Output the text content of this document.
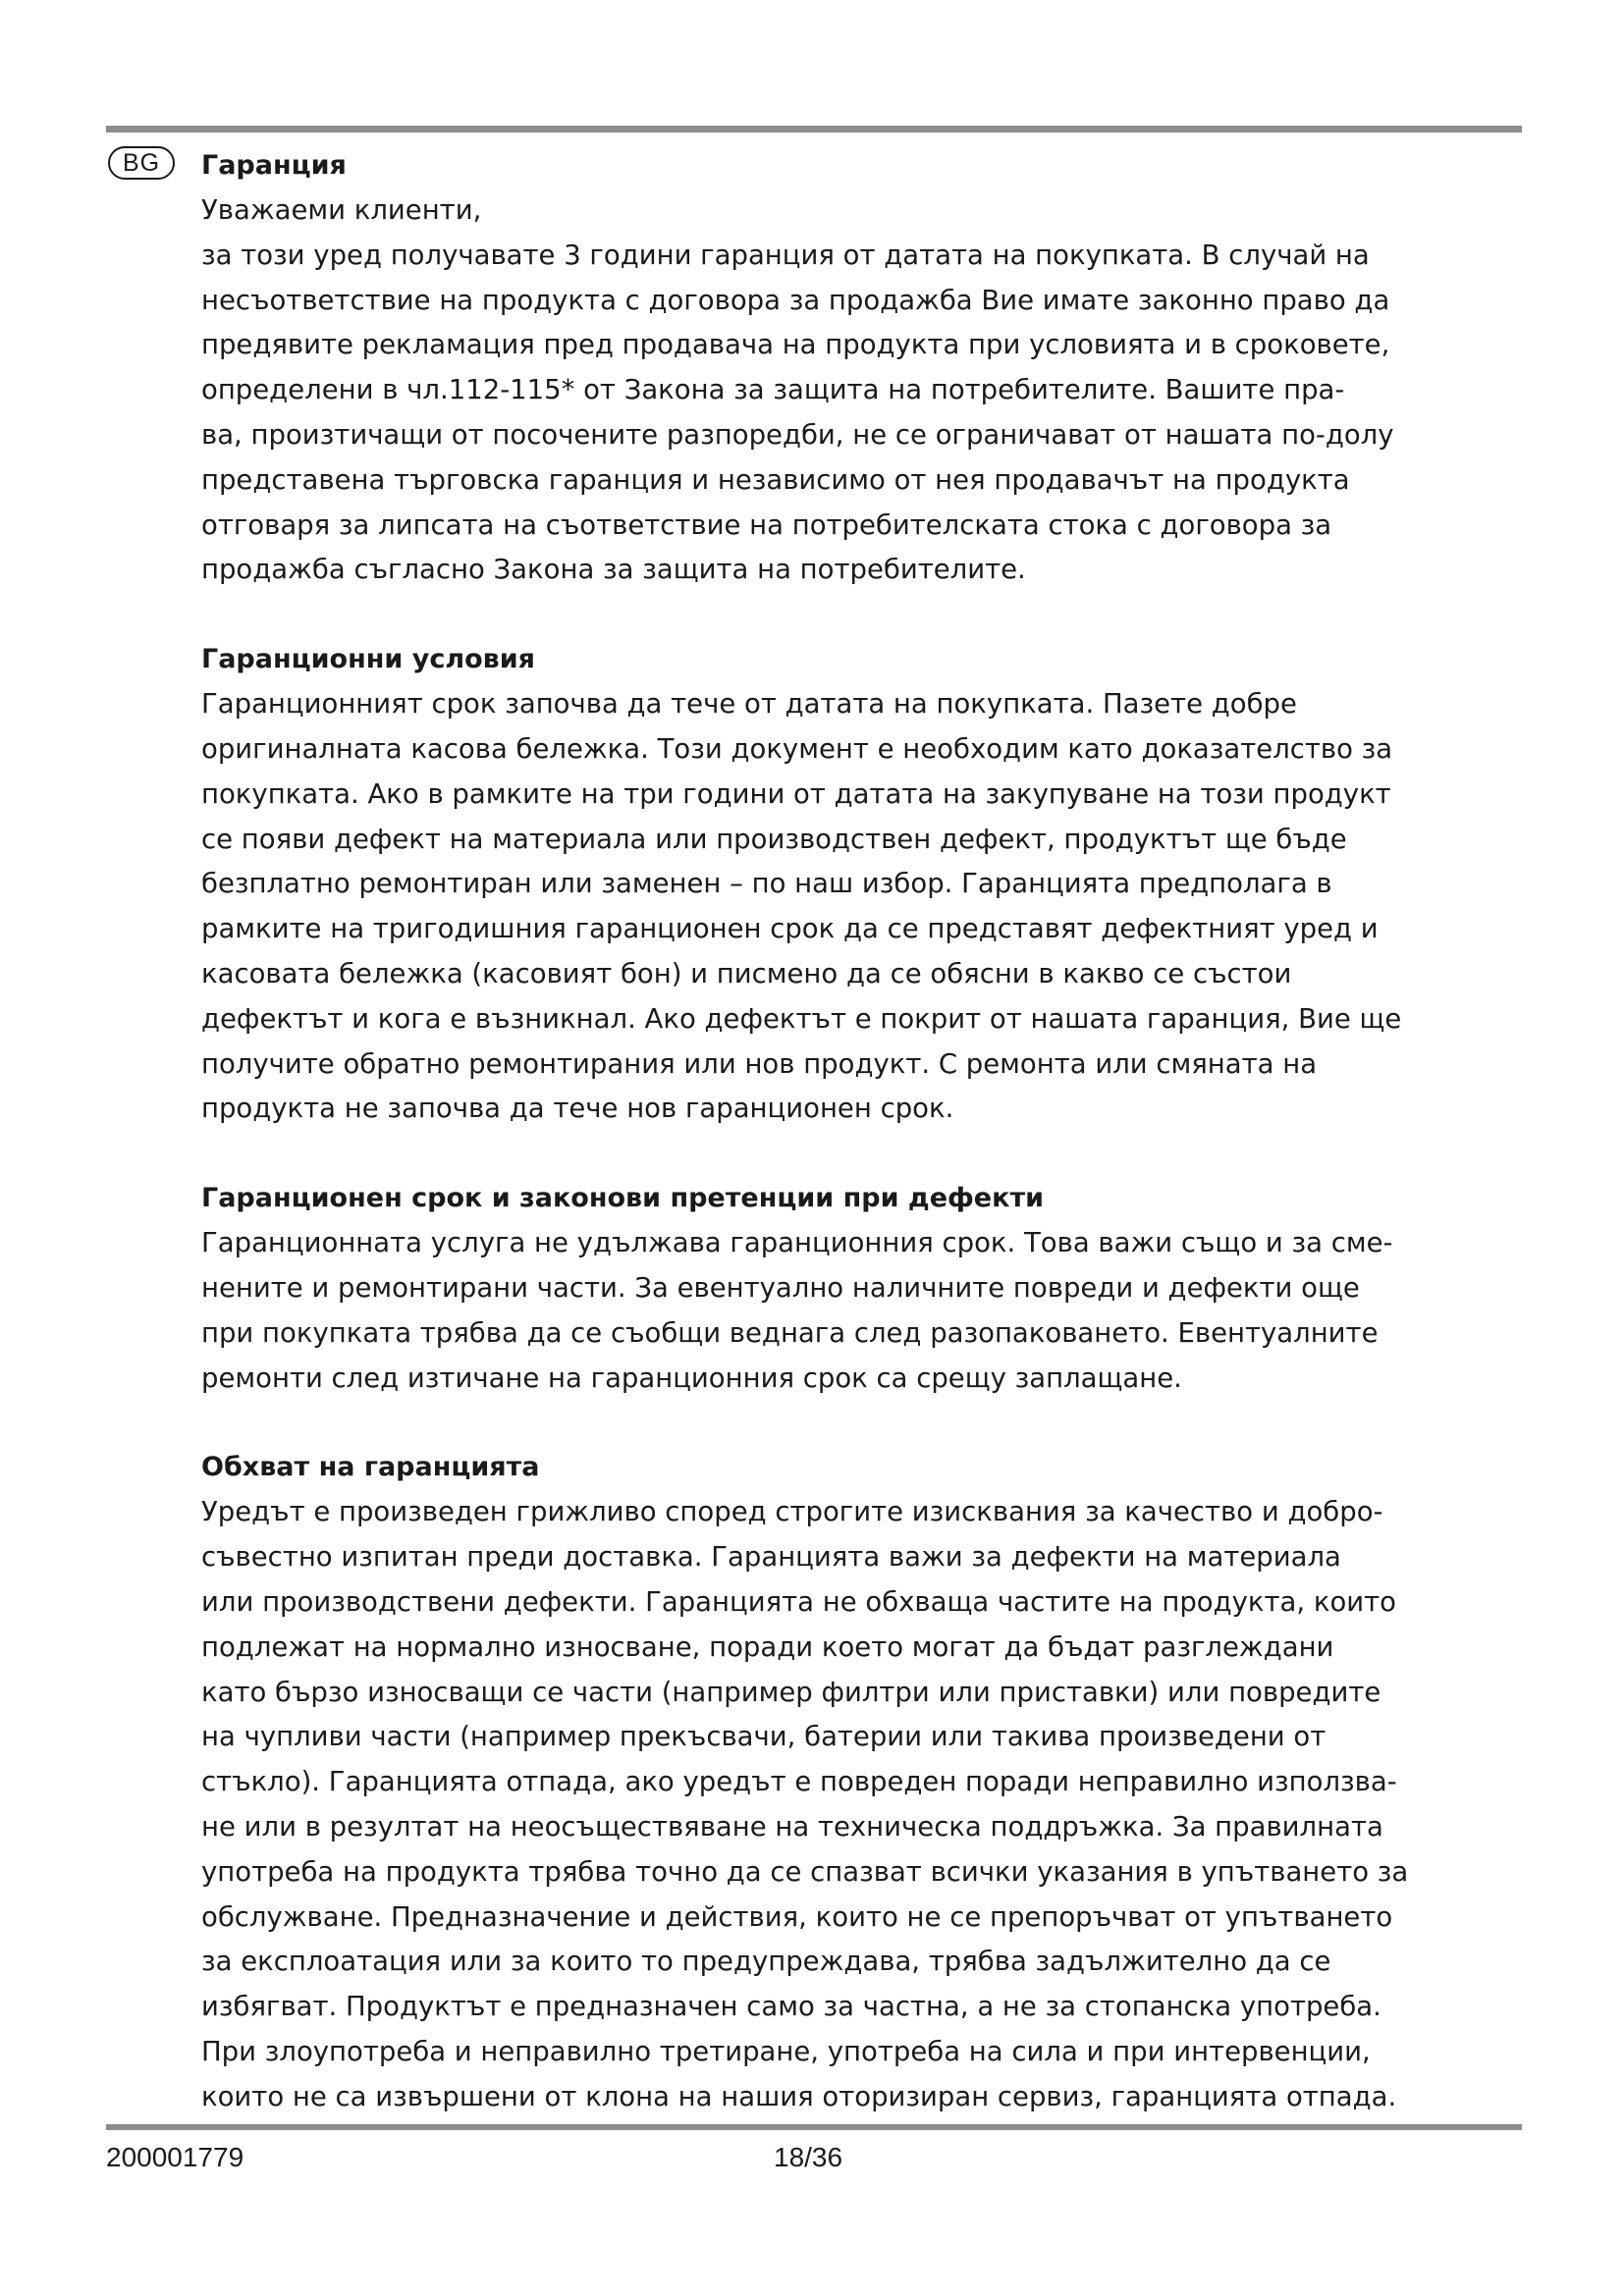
BG	Гаранция

Уважаеми клиенти,

за този уред получавате 3 години гаранция от датата на покупката. В случай на

несъответствие на продукта с договора за продажба Вие имате законно право да

предявите рекламация пред продавача на продукта при условията и в сроковете,

определени в чл.112-115* от Закона за защита на потребителите. Вашите пра-

ва, произтичащи от посочените разпоредби, не се ограничават от нашата по-долу

представена търговска гаранция и независимо от нея продавачът на продукта

отговаря за липсата на съответствие на потребителската стока с договора за

продажба съгласно Закона за защита на потребителите.

Гаранционни условия

Гаранционният срок започва да тече от датата на покупката. Пазете добре

оригиналната касова бележка. Този документ е необходим като доказателство за

покупката. Ако в рамките на три години от датата на закупуване на този продукт

се появи дефект на материала или производствен дефект, продуктът ще бъде

безплатно ремонтиран или заменен – по наш избор. Гаранцията предполага в

рамките на тригодишния гаранционен срок да се представят дефектният уред и

касовата бележка (касовият бон) и писмено да се обясни в какво се състои

дефектът и кога е възникнал. Ако дефектът е покрит от нашата гаранция, Вие ще

получите обратно ремонтирания или нов продукт. С ремонта или смяната на

продукта не започва да тече нов гаранционен срок.

Гаранционен срок и законови претенции при дефекти

Гаранционната услуга не удължава гаранционния срок. Това важи също и за сме-

нените и ремонтирани части. За евентуално наличните повреди и дефекти още

при покупката трябва да се съобщи веднага след разопаковането. Евентуалните

ремонти след изтичане на гаранционния срок са срещу заплащане.

Обхват на гаранцията

Уредът е произведен грижливо според строгите изисквания за качество и добро-

съвестно изпитан преди доставка. Гаранцията важи за дефекти на материала

или производствени дефекти. Гаранцията не обхваща частите на продукта, които

подлежат на нормално износване, поради което могат да бъдат разглеждани

като бързо износващи се части (например филтри или приставки) или повредите

на чупливи части (например прекъсвачи, батерии или такива произведени от

стъкло). Гаранцията отпада, ако уредът е повреден поради неправилно използва-

не или в резултат на неосъществяване на техническа поддръжка. За правилната

употреба на продукта трябва точно да се спазват всички указания в упътването за

обслужване. Предназначение и действия, които не се препоръчват от упътването

за експлоатация или за които то предупреждава, трябва задължително да се

избягват. Продуктът е предназначен само за частна, а не за стопанска употреба.

При злоупотреба и неправилно третиране, употреба на сила и при интервенции,

които не са извършени от клона на нашия оторизиран сервиз, гаранцията отпада.

200001779	18/36
